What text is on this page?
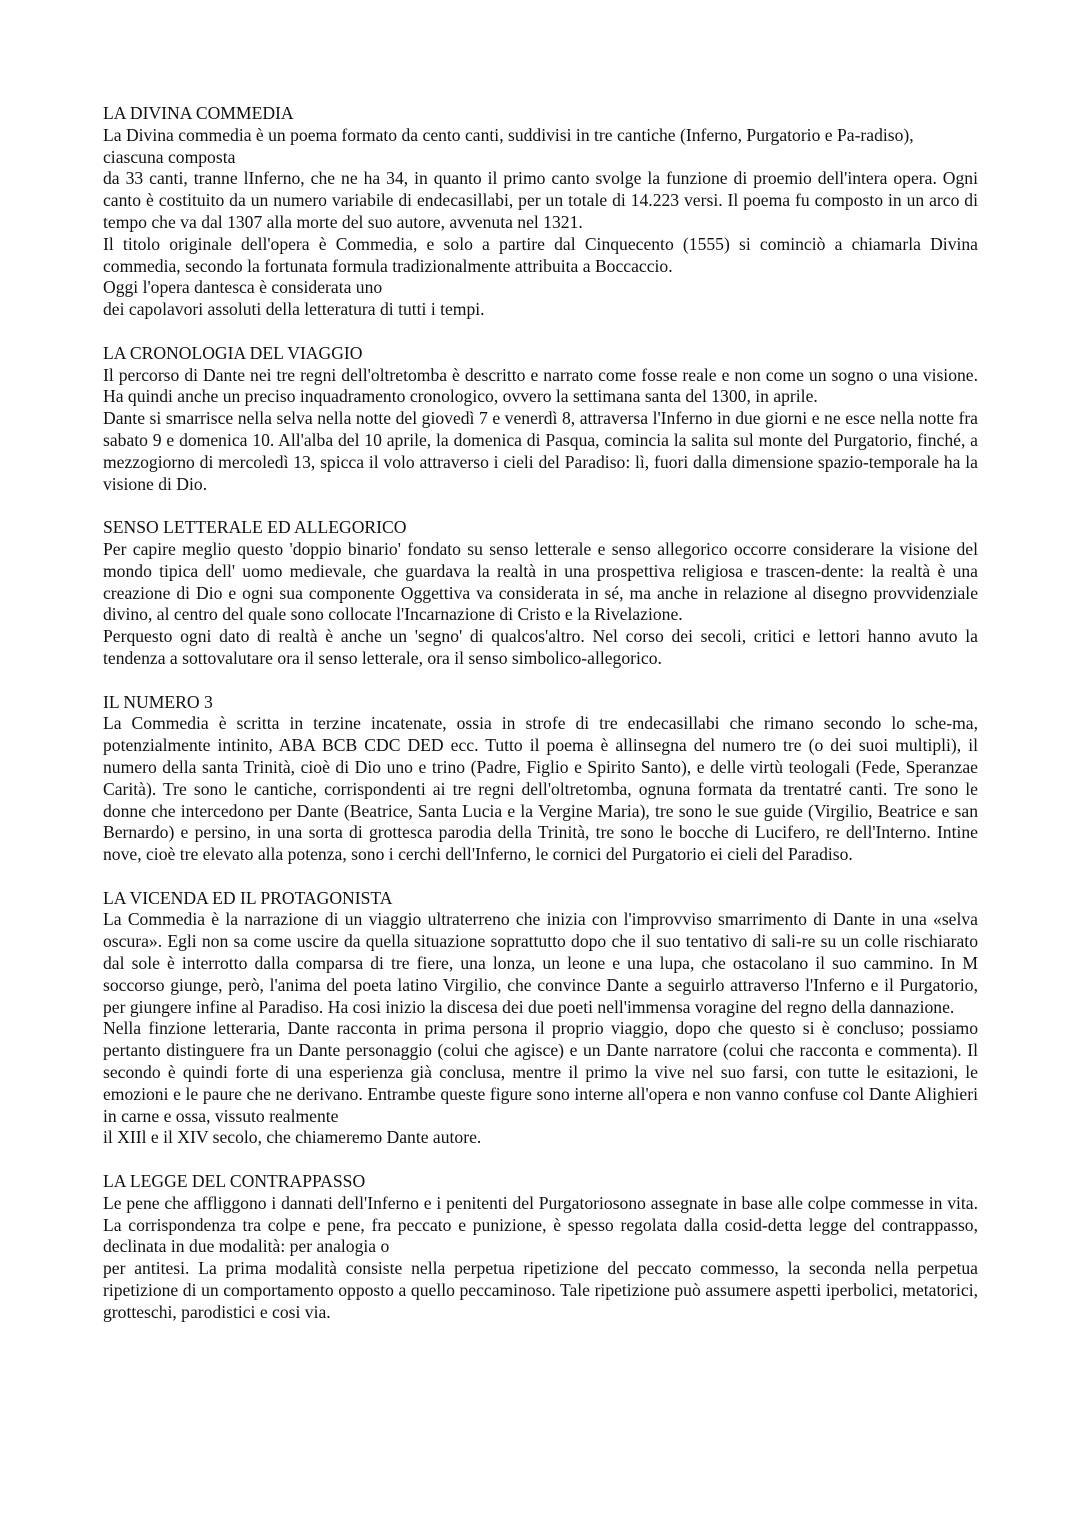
LA DIVINA COMMEDIA
La Divina commedia è un poema formato da cento canti, suddivisi in tre cantiche (Inferno, Purgatorio e Pa-radiso), ciascuna composta
da 33 canti, tranne lInferno, che ne ha 34, in quanto il primo canto svolge la funzione di proemio dell'intera opera. Ogni canto è costituito da un numero variabile di endecasillabi, per un totale di 14.223 versi. Il poema fu composto in un arco di tempo che va dal 1307 alla morte del suo autore, avvenuta nel 1321.
Il titolo originale dell'opera è Commedia, e solo a partire dal Cinquecento (1555) si cominciò a chiamarla Divina commedia, secondo la fortunata formula tradizionalmente attribuita a Boccaccio.
Oggi l'opera dantesca è considerata uno
dei capolavori assoluti della letteratura di tutti i tempi.
LA CRONOLOGIA DEL VIAGGIO
Il percorso di Dante nei tre regni dell'oltretomba è descritto e narrato come fosse reale e non come un sogno o una visione. Ha quindi anche un preciso inquadramento cronologico, ovvero la settimana santa del 1300, in aprile.
Dante si smarrisce nella selva nella notte del giovedì 7 e venerdì 8, attraversa l'Inferno in due giorni e ne esce nella notte fra sabato 9 e domenica 10. All'alba del 10 aprile, la domenica di Pasqua, comincia la salita sul monte del Purgatorio, finché, a mezzogiorno di mercoledì 13, spicca il volo attraverso i cieli del Paradiso: lì, fuori dalla dimensione spazio-temporale ha la visione di Dio.
SENSO LETTERALE ED ALLEGORICO
Per capire meglio questo 'doppio binario' fondato su senso letterale e senso allegorico occorre considerare la visione del mondo tipica dell' uomo medievale, che guardava la realtà in una prospettiva religiosa e trascen-dente: la realtà è una creazione di Dio e ogni sua componente Oggettiva va considerata in sé, ma anche in relazione al disegno provvidenziale divino, al centro del quale sono collocate l'Incarnazione di Cristo e la Rivelazione.
Perquesto ogni dato di realtà è anche un 'segno' di qualcos'altro. Nel corso dei secoli, critici e lettori hanno avuto la tendenza a sottovalutare ora il senso letterale, ora il senso simbolico-allegorico.
IL NUMERO 3
La Commedia è scritta in terzine incatenate, ossia in strofe di tre endecasillabi che rimano secondo lo sche-ma, potenzialmente intinito, ABA BCB CDC DED ecc. Tutto il poema è allinsegna del numero tre (o dei suoi multipli), il numero della santa Trinità, cioè di Dio uno e trino (Padre, Figlio e Spirito Santo), e delle virtù teologali (Fede, Speranzae Carità). Tre sono le cantiche, corrispondenti ai tre regni dell'oltretomba, ognuna formata da trentatré canti. Tre sono le donne che intercedono per Dante (Beatrice, Santa Lucia e la Vergine Maria), tre sono le sue guide (Virgilio, Beatrice e san Bernardo) e persino, in una sorta di grottesca parodia della Trinità, tre sono le bocche di Lucifero, re dell'Interno. Intine nove, cioè tre elevato alla potenza, sono i cerchi dell'Inferno, le cornici del Purgatorio ei cieli del Paradiso.
LA VICENDA ED IL PROTAGONISTA
La Commedia è la narrazione di un viaggio ultraterreno che inizia con l'improvviso smarrimento di Dante in una «selva oscura». Egli non sa come uscire da quella situazione soprattutto dopo che il suo tentativo di sali-re su un colle rischiarato dal sole è interrotto dalla comparsa di tre fiere, una lonza, un leone e una lupa, che ostacolano il suo cammino. In M soccorso giunge, però, l'anima del poeta latino Virgilio, che convince Dante a seguirlo attraverso l'Inferno e il Purgatorio, per giungere infine al Paradiso. Ha cosi inizio la discesa dei due poeti nell'immensa voragine del regno della dannazione.
Nella finzione letteraria, Dante racconta in prima persona il proprio viaggio, dopo che questo si è concluso; possiamo pertanto distinguere fra un Dante personaggio (colui che agisce) e un Dante narratore (colui che racconta e commenta). Il secondo è quindi forte di una esperienza già conclusa, mentre il primo la vive nel suo farsi, con tutte le esitazioni, le emozioni e le paure che ne derivano. Entrambe queste figure sono interne all'opera e non vanno confuse col Dante Alighieri in carne e ossa, vissuto realmente
il XIIl e il XIV secolo, che chiameremo Dante autore.
LA LEGGE DEL CONTRAPPASSO
Le pene che affliggono i dannati dell'Inferno e i penitenti del Purgatoriosono assegnate in base alle colpe commesse in vita. La corrispondenza tra colpe e pene, fra peccato e punizione, è spesso regolata dalla cosid-detta legge del contrappasso, declinata in due modalità: per analogia o
per antitesi. La prima modalità consiste nella perpetua ripetizione del peccato commesso, la seconda nella perpetua ripetizione di un comportamento opposto a quello peccaminoso. Tale ripetizione può assumere aspetti iperbolici, metatorici, grotteschi, parodistici e cosi via.
